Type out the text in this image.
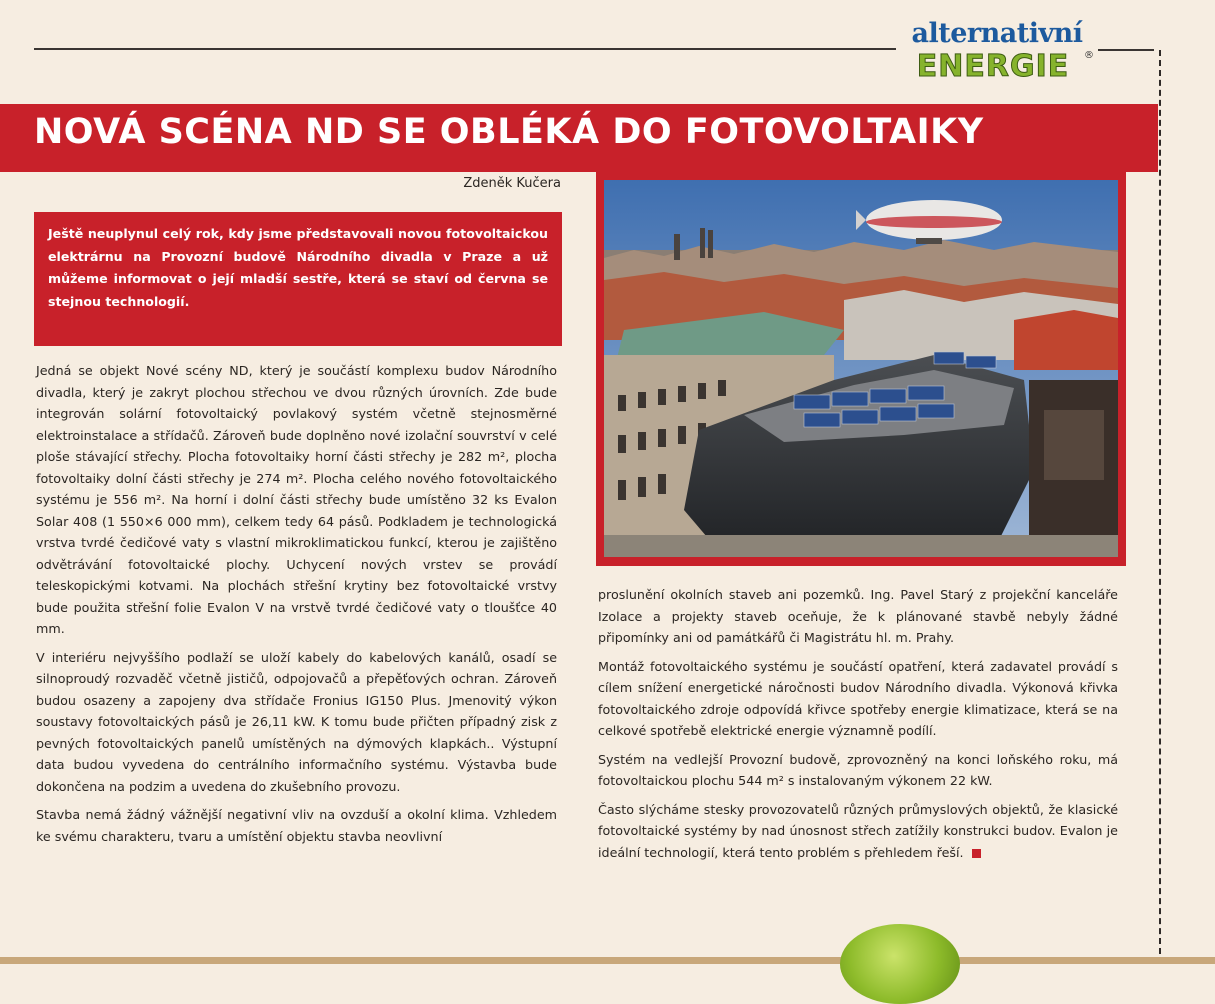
alternativní
ENERGIE	®
NOVÁ SCÉNA ND SE OBLÉKÁ DO FOTOVOLTAIKY
Zdeněk Kučera
Ještě neuplynul celý rok, kdy jsme představovali novou fotovoltaickou elektrárnu na Provozní budově Národního divadla v Praze a už můžeme informovat o její mladší sestře, která se staví od června se stejnou technologií.

Jedná se objekt Nové scény ND, který je součástí komplexu budov Národního divadla, který je zakryt plochou střechou ve dvou různých úrovních. Zde bude integrován solární fotovoltaický povlakový systém včetně stejnosměrné elektroinstalace a střídačů. Zároveň bude doplněno nové izolační souvrství v celé ploše stávající střechy. Plocha fotovoltaiky horní části střechy je 282 m², plocha fotovoltaiky dolní části střechy je 274 m². Plocha celého nového fotovoltaického systému je 556 m². Na horní i dolní části střechy bude umístěno 32 ks Evalon Solar 408 (1 550×6 000 mm), celkem tedy 64 pásů. Podkladem je technologická vrstva tvrdé čedičové vaty s vlastní mikroklimatickou funkcí, kterou je zajištěno odvětrávání fotovoltaické plochy. Uchycení nových vrstev se provádí teleskopickými kotvami. Na plochách střešní krytiny bez fotovoltaické vrstvy bude použita střešní folie Evalon V na vrstvě tvrdé čedičové vaty o tloušťce 40 mm.

V interiéru nejvyššího podlaží se uloží kabely do kabelových kanálů, osadí se silnoproudý rozvaděč včetně jističů, odpojovačů a přepěťových ochran. Zároveň budou osazeny a zapojeny dva střídače Fronius IG150 Plus. Jmenovitý výkon soustavy fotovoltaických pásů je 26,11 kW. K tomu bude přičten případný zisk z pevných fotovoltaických panelů umístěných na dýmových klapkách.. Výstupní data budou vyvedena do centrálního informačního systému. Výstavba bude dokončena na podzim a uvedena do zkušebního provozu.

Stavba nemá žádný vážnější negativní vliv na ovzduší a okolní klima. Vzhledem ke svému charakteru, tvaru a umístění objektu stavba neovlivní

proslunění okolních staveb ani pozemků. Ing. Pavel Starý z projekční kanceláře Izolace a projekty staveb oceňuje, že k plánované stavbě nebyly žádné připomínky ani od památkářů či Magistrátu hl. m. Prahy.

Montáž fotovoltaického systému je součástí opatření, která zadavatel provádí s cílem snížení energetické náročnosti budov Národního divadla. Výkonová křivka fotovoltaického zdroje odpovídá křivce spotřeby energie klimatizace, která se na celkové spotřebě elektrické energie významně podílí.

Systém na vedlejší Provozní budově, zprovozněný na konci loňského roku, má fotovoltaickou plochu 544 m² s instalovaným výkonem 22 kW.

Často slýcháme stesky provozovatelů různých průmyslových objektů, že klasické fotovoltaické systémy by nad únosnost střech zatížily konstrukci budov. Evalon je ideální technologií, která tento problém s přehledem řeší.
